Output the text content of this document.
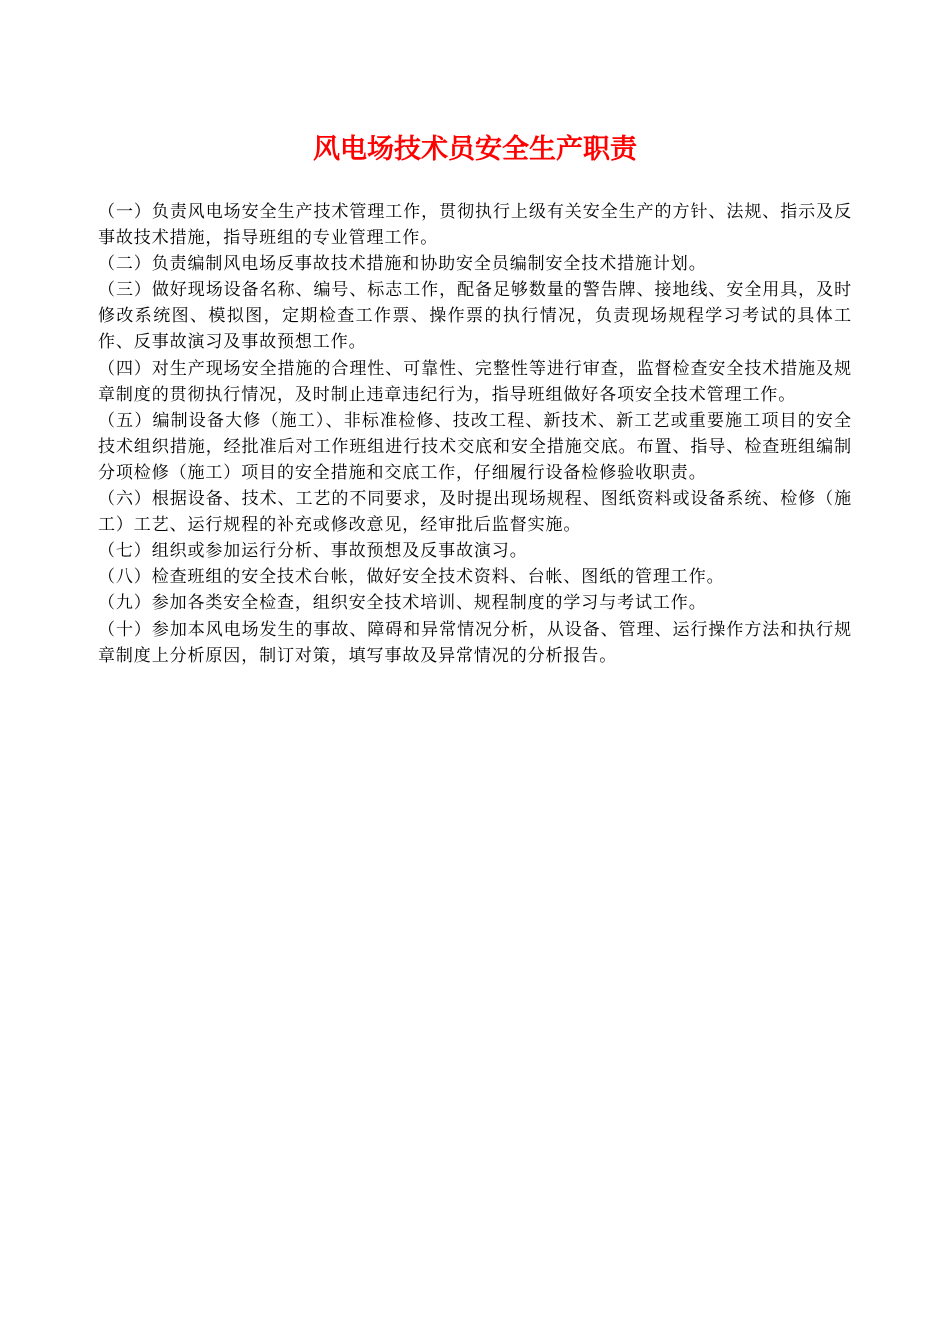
风电场技术员安全生产职责

（一）负责风电场安全生产技术管理工作，贯彻执行上级有关安全生产的方针、法规、指示及反事故技术措施，指导班组的专业管理工作。

（二）负责编制风电场反事故技术措施和协助安全员编制安全技术措施计划。

（三）做好现场设备名称、编号、标志工作，配备足够数量的警告牌、接地线、安全用具，及时修改系统图、模拟图，定期检查工作票、操作票的执行情况，负责现场规程学习考试的具体工作、反事故演习及事故预想工作。

（四）对生产现场安全措施的合理性、可靠性、完整性等进行审查，监督检查安全技术措施及规章制度的贯彻执行情况，及时制止违章违纪行为，指导班组做好各项安全技术管理工作。

（五）编制设备大修（施工）、非标准检修、技改工程、新技术、新工艺或重要施工项目的安全技术组织措施，经批准后对工作班组进行技术交底和安全措施交底。布置、指导、检查班组编制分项检修（施工）项目的安全措施和交底工作，仔细履行设备检修验收职责。

（六）根据设备、技术、工艺的不同要求，及时提出现场规程、图纸资料或设备系统、检修（施工）工艺、运行规程的补充或修改意见，经审批后监督实施。

（七）组织或参加运行分析、事故预想及反事故演习。

（八）检查班组的安全技术台帐，做好安全技术资料、台帐、图纸的管理工作。

（九）参加各类安全检查，组织安全技术培训、规程制度的学习与考试工作。

（十）参加本风电场发生的事故、障碍和异常情况分析，从设备、管理、运行操作方法和执行规章制度上分析原因，制订对策，填写事故及异常情况的分析报告。
